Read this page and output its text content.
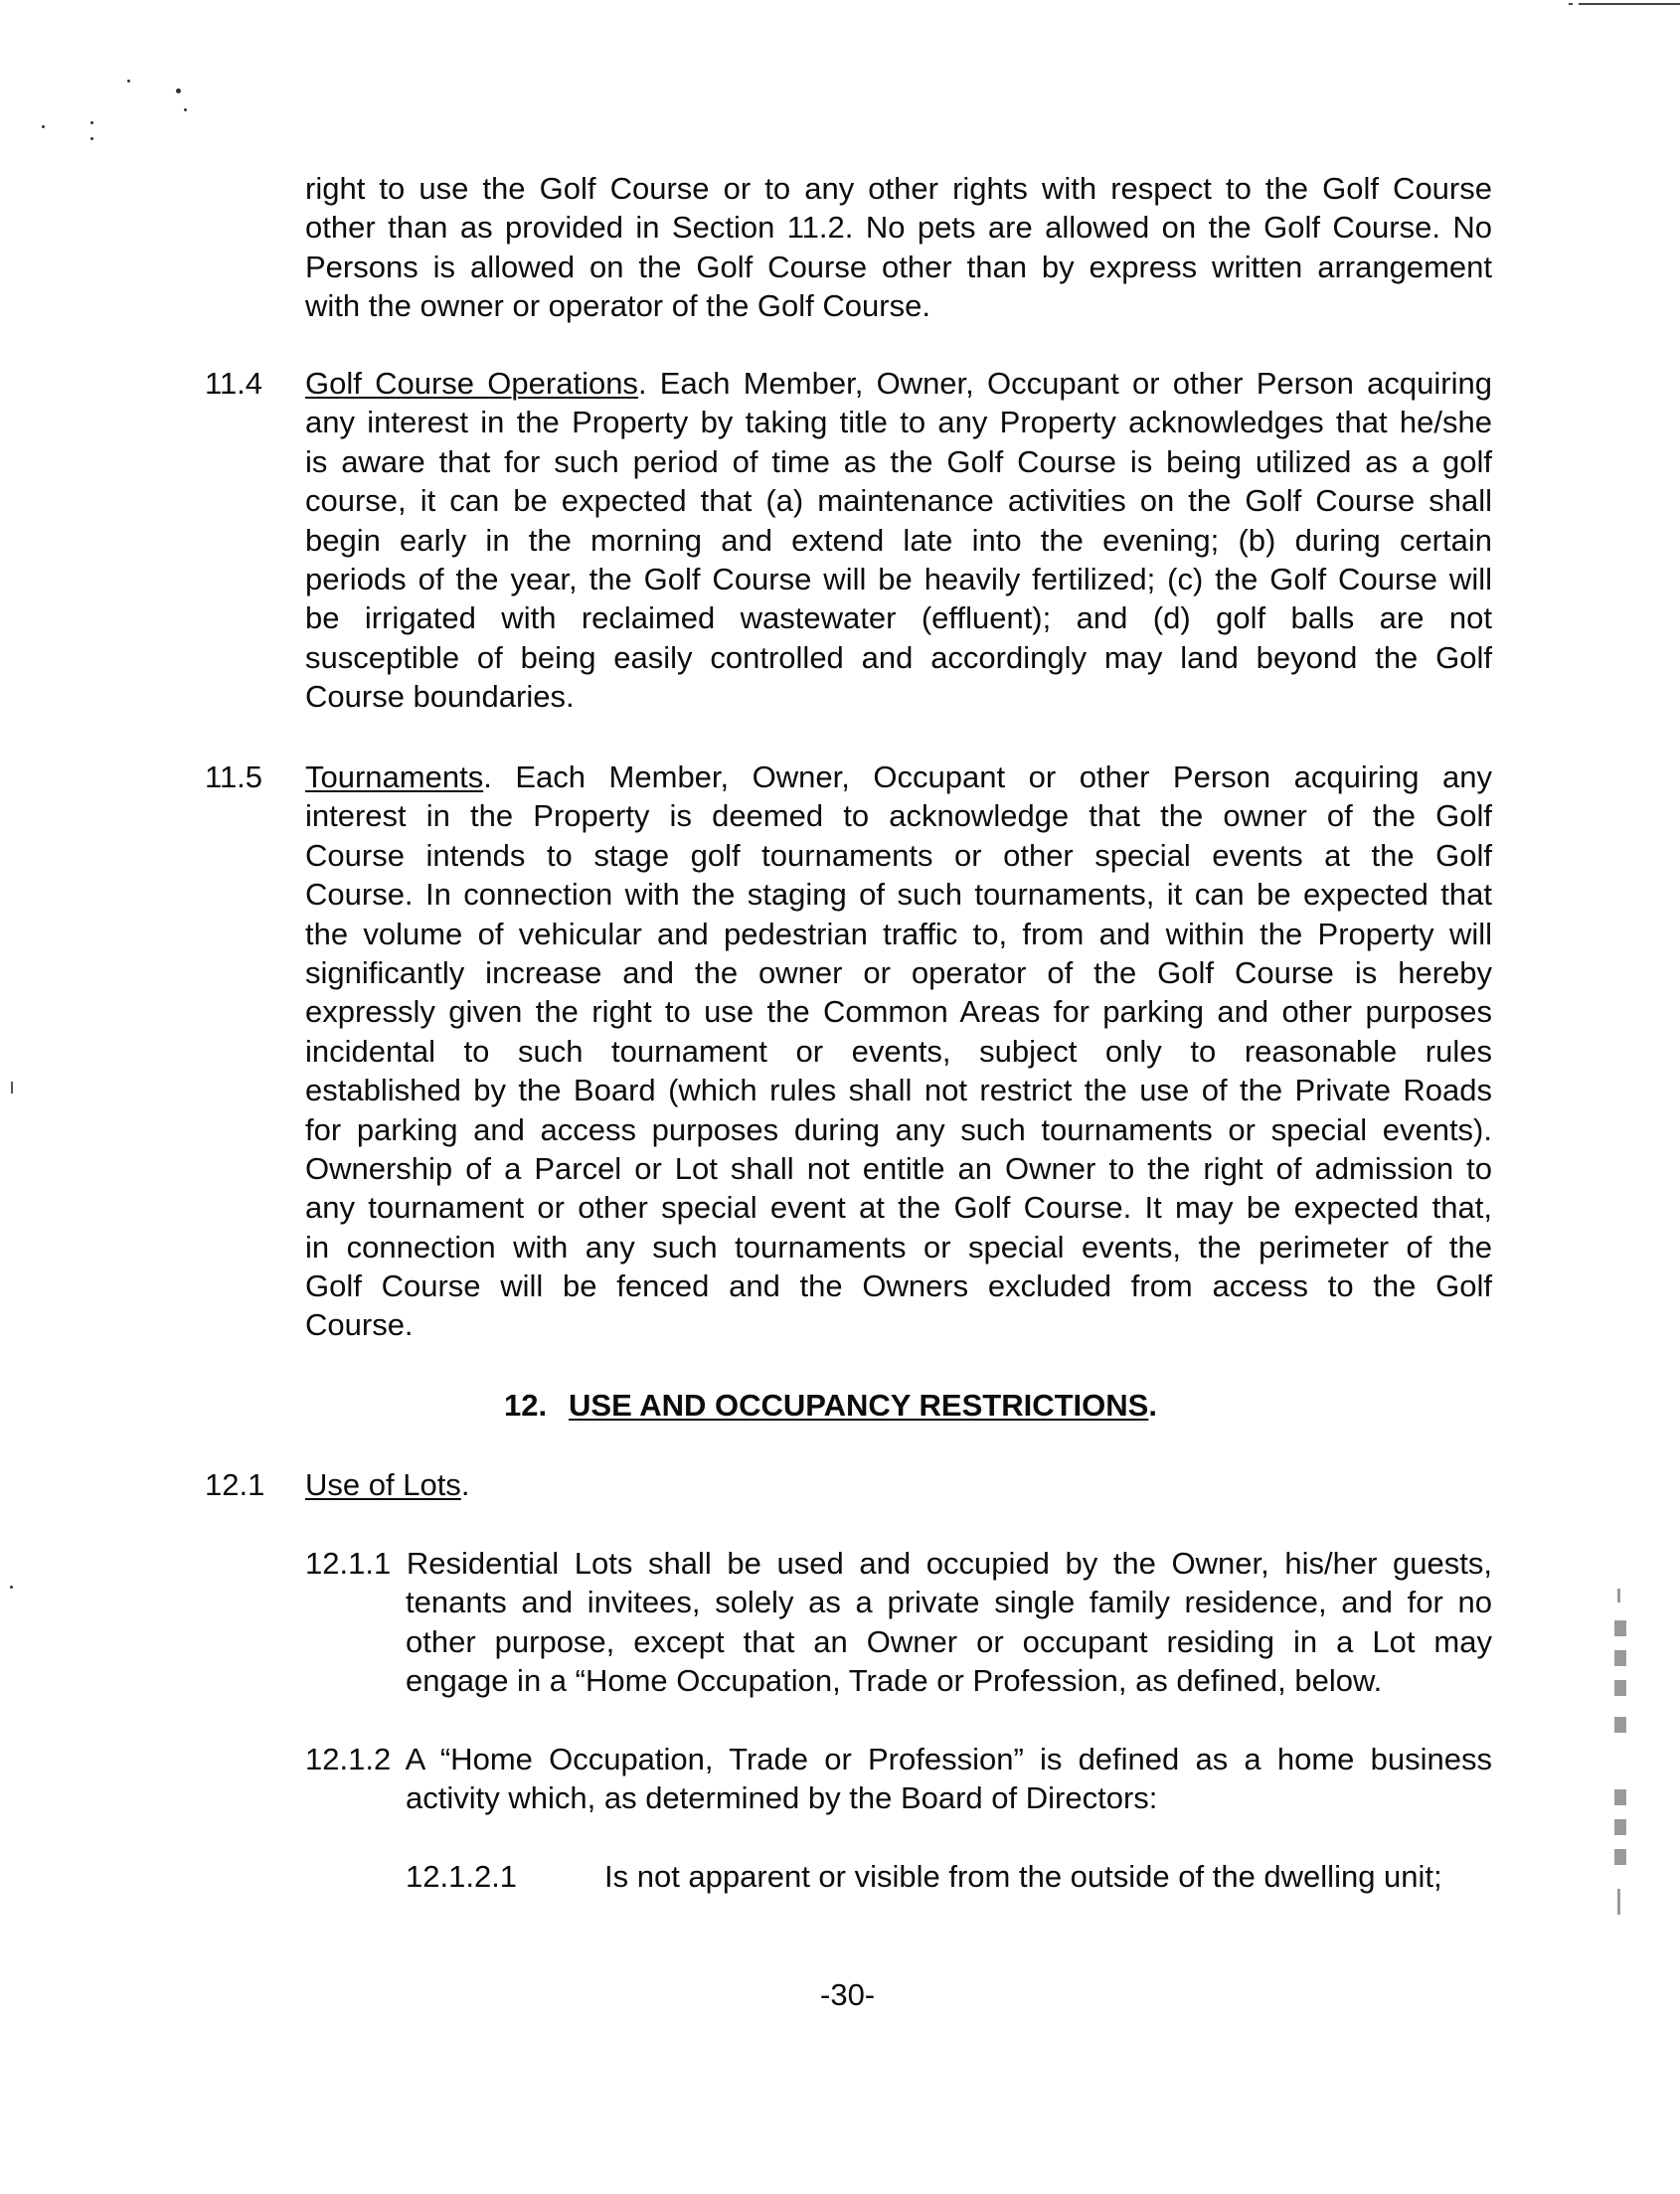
right to use the Golf Course or to any other rights with respect to the Golf Course
other than as provided in Section 11.2. No pets are allowed on the Golf Course. No
Persons is allowed on the Golf Course other than by express written arrangement
with the owner or operator of the Golf Course.
11.4 Golf Course Operations. Each Member, Owner, Occupant or other Person acquiring
any interest in the Property by taking title to any Property acknowledges that he/she
is aware that for such period of time as the Golf Course is being utilized as a golf
course, it can be expected that (a) maintenance activities on the Golf Course shall
begin early in the morning and extend late into the evening; (b) during certain
periods of the year, the Golf Course will be heavily fertilized; (c) the Golf Course will
be irrigated with reclaimed wastewater (effluent); and (d) golf balls are not
susceptible of being easily controlled and accordingly may land beyond the Golf
Course boundaries.
11.5 Tournaments. Each Member, Owner, Occupant or other Person acquiring any
interest in the Property is deemed to acknowledge that the owner of the Golf
Course intends to stage golf tournaments or other special events at the Golf
Course. In connection with the staging of such tournaments, it can be expected that
the volume of vehicular and pedestrian traffic to, from and within the Property will
significantly increase and the owner or operator of the Golf Course is hereby
expressly given the right to use the Common Areas for parking and other purposes
incidental to such tournament or events, subject only to reasonable rules
established by the Board (which rules shall not restrict the use of the Private Roads
for parking and access purposes during any such tournaments or special events).
Ownership of a Parcel or Lot shall not entitle an Owner to the right of admission to
any tournament or other special event at the Golf Course. It may be expected that,
in connection with any such tournaments or special events, the perimeter of the
Golf Course will be fenced and the Owners excluded from access to the Golf
Course.
12. USE AND OCCUPANCY RESTRICTIONS.
12.1 Use of Lots.
12.1.1 Residential Lots shall be used and occupied by the Owner, his/her guests,
tenants and invitees, solely as a private single family residence, and for no
other purpose, except that an Owner or occupant residing in a Lot may
engage in a “Home Occupation, Trade or Profession, as defined, below.
12.1.2 A “Home Occupation, Trade or Profession” is defined as a home business
activity which, as determined by the Board of Directors:
12.1.2.1	Is not apparent or visible from the outside of the dwelling unit;
-30-
